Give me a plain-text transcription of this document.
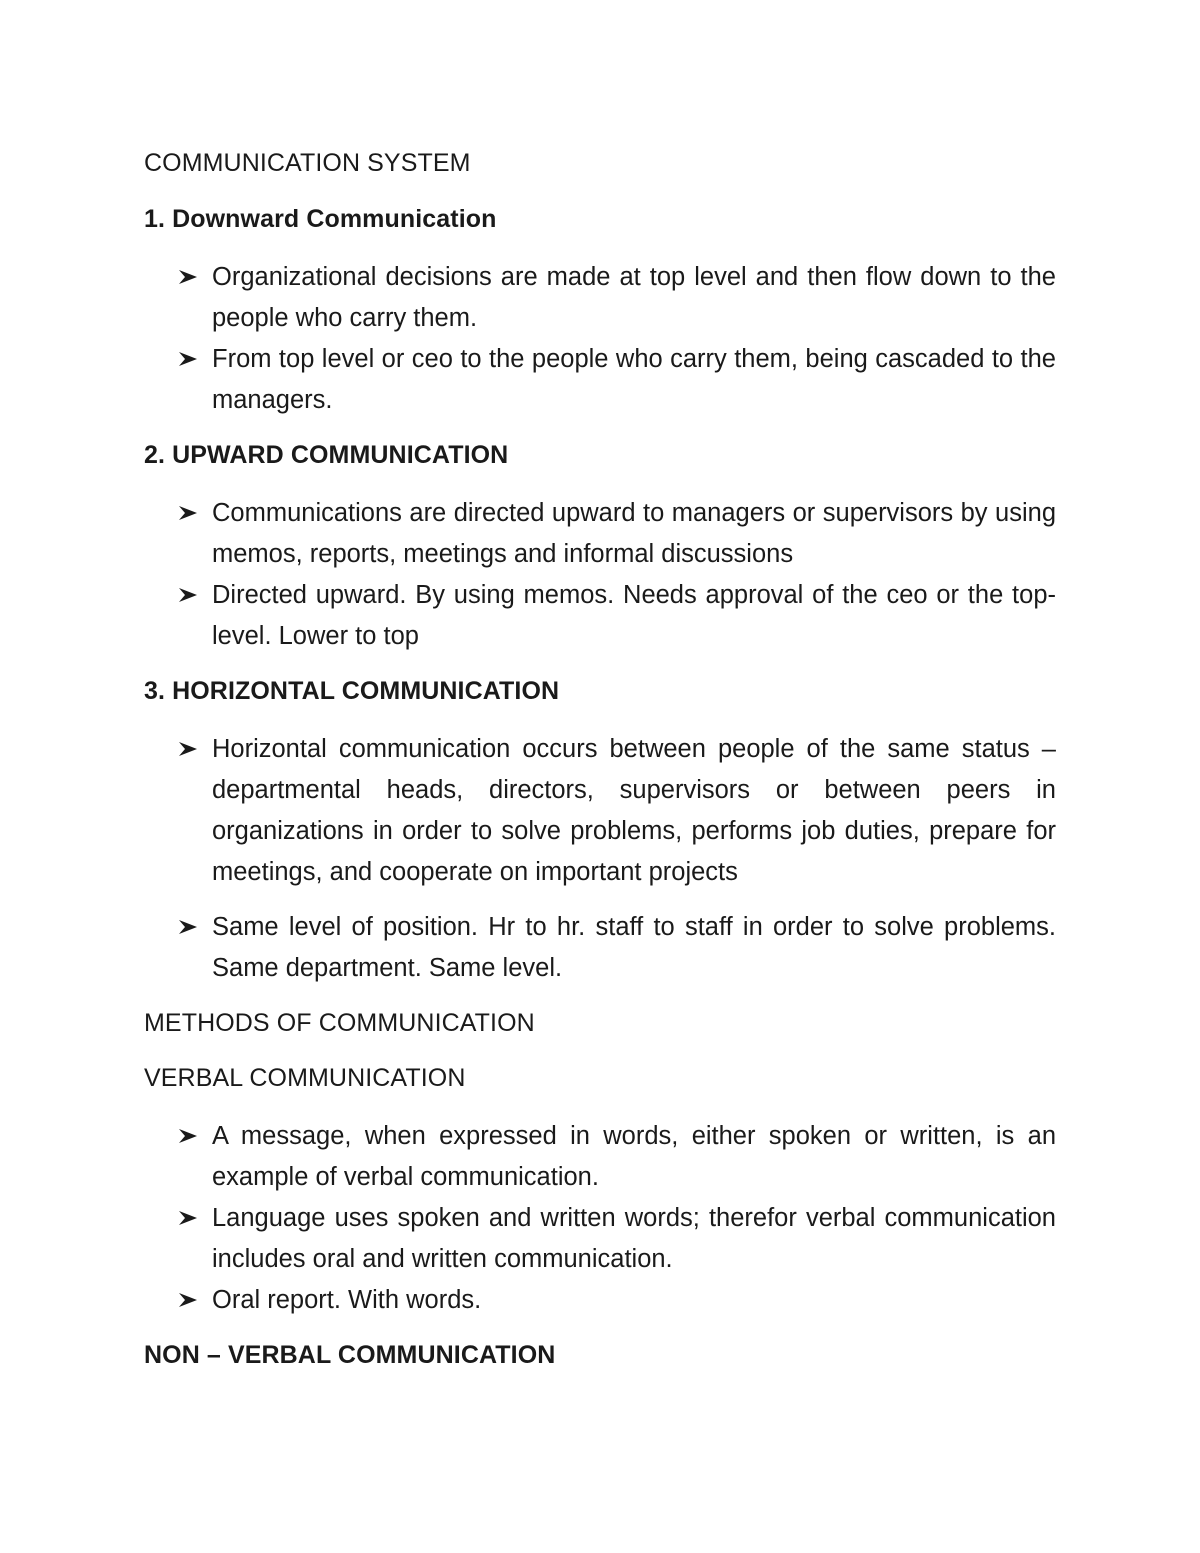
COMMUNICATION SYSTEM

1. Downward Communication

Organizational decisions are made at top level and then flow down to the people who carry them.
From top level or ceo to the people who carry them, being cascaded to the managers.

2. UPWARD COMMUNICATION

Communications are directed upward to managers or supervisors by using memos, reports, meetings and informal discussions
Directed upward. By using memos. Needs approval of the ceo or the top-level. Lower to top

3. HORIZONTAL COMMUNICATION

Horizontal communication occurs between people of the same status –departmental heads, directors, supervisors or between peers in organizations in order to solve problems, performs job duties, prepare for meetings, and cooperate on important projects
Same level of position. Hr to hr. staff to staff in order to solve problems. Same department. Same level.

METHODS OF COMMUNICATION

VERBAL COMMUNICATION

A message, when expressed in words, either spoken or written, is an example of verbal communication.
Language uses spoken and written words; therefor verbal communication includes oral and written communication.
Oral report. With words.

NON – VERBAL COMMUNICATION
